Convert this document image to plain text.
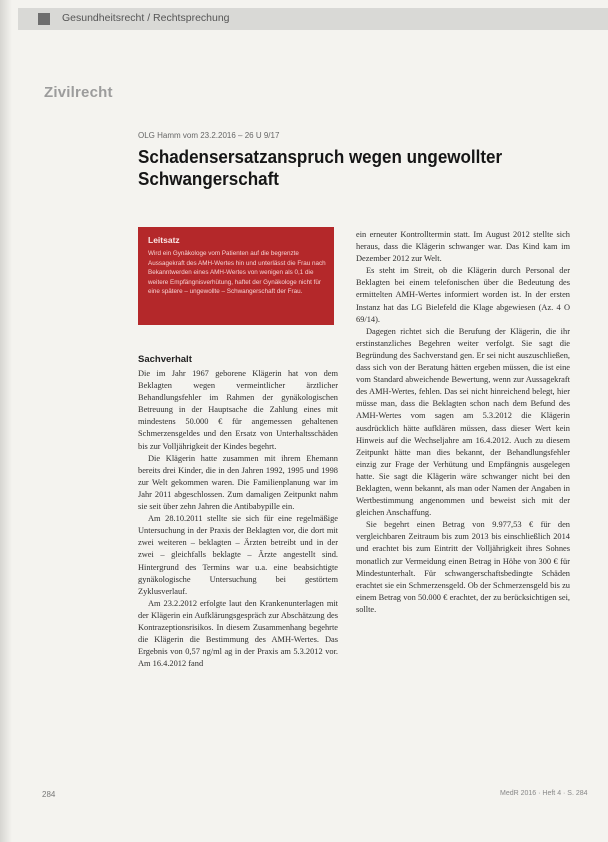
Gesundheitsrecht / Rechtsprechung
Zivilrecht
OLG Hamm vom 23.2.2016 – 26 U 9/17
Schadensersatzanspruch wegen ungewollter Schwangerschaft
Leitsatz
Wird ein Gynäkologe vom Patienten auf die begrenzte Aussagekraft des AMH-Wertes hin und unterlässt die Frau nach Bekanntwerden eines AMH-Wertes von wenigen als 0,1 die weitere Empfängnisverhütung, haftet der Gynäkologe nicht für eine spätere – ungewollte – Schwangerschaft der Frau.
Sachverhalt

Die im Jahr 1967 geborene Klägerin hat von dem Beklagten wegen vermeintlicher ärztlicher Behandlungsfehler im Rahmen der gynäkologischen Betreuung in der Hauptsache die Zahlung eines mit mindestens 50.000 € für angemessen gehaltenen Schmerzensgeldes und den Ersatz von Unterhaltsschäden bis zur Volljährigkeit der Kindes begehrt.

Die Klägerin hatte zusammen mit ihrem Ehemann bereits drei Kinder, die in den Jahren 1992, 1995 und 1998 zur Welt gekommen waren. Die Familienplanung war im Jahr 2011 abgeschlossen. Zum damaligen Zeitpunkt nahm sie seit über zehn Jahren die Antibabypille ein.

Am 28.10.2011 stellte sie sich für eine regelmäßige Untersuchung in der Praxis der Beklagten vor, die dort mit zwei weiteren – beklagten – Ärzten betreibt und in der zwei – gleichfalls beklagte – Ärzte angestellt sind. Hintergrund des Termins war u.a. eine beabsichtigte gynäkologische Untersuchung bei gestörtem Zyklusverlauf.

Am 23.2.2012 erfolgte laut den Krankenunterlagen mit der Klägerin ein Aufklärungsgespräch zur Abschätzung des Kontrazeptionsrisikos. In diesem Zusammenhang begehrte die Klägerin die Bestimmung des AMH-Wertes. Das Ergebnis von 0,57 ng/ml ag in der Praxis am 5.3.2012 vor. Am 16.4.2012 fand

ein erneuter Kontrolltermin statt. Im August 2012 stellte sich heraus, dass die Klägerin schwanger war. Das Kind kam im Dezember 2012 zur Welt.

Es steht im Streit, ob die Klägerin durch Personal der Beklagten bei einem telefonischen über die Bedeutung des ermittelten AMH-Wertes informiert worden ist. In der ersten Instanz hat das LG Bielefeld die Klage abgewiesen (Az. 4 O 69/14).

Dagegen richtet sich die Berufung der Klägerin, die ihr erstinstanzliches Begehren weiter verfolgt. Sie sagt die Begründung des Sachverstand gen. Er sei nicht auszuschließen, dass sich von der Beratung hätten ergeben müssen, die ist eine vom Standard abweichende Bewertung, wenn zur Aussagekraft des AMH-Wertes, fehlen. Das sei nicht hinreichend belegt, hier müsse man, dass die Beklagten schon nach dem Befund des AMH-Wertes vom sagen am 5.3.2012 die Klägerin ausdrücklich hätte aufklären müssen, dass dieser Wert kein Hinweis auf die Wechseljahre am 16.4.2012. Auch zu diesem Zeitpunkt hätte man dies bekannt, der Behandlungsfehler einzig zur Frage der Verhütung und Empfängnis ausgelegen hatte. Sie sagt die Klägerin wäre schwanger nicht bei den Beklagten, wenn bekannt, als man oder Namen der Angaben in Wertbestimmung angenommen und beweist sich mit der gleichen Anschaffung.

Sie begehrt einen Betrag von 9.977,53 € für den vergleichbaren Zeitraum bis zum 2013 bis einschließlich 2014 und erachtet bis zum Eintritt der Volljährigkeit ihres Sohnes monatlich zur Vermeidung einen Betrag in Höhe von 300 € für Mindestunterhalt. Für schwangerschaftsbedingte Schäden erachtet sie ein Schmerzensgeld. Ob der Schmerzensgeld bis zu einem Betrag von 50.000 € erachtet, der zu berücksichtigen sei, sollte.

284	MedR 2016 · Heft 4 · S. 284
